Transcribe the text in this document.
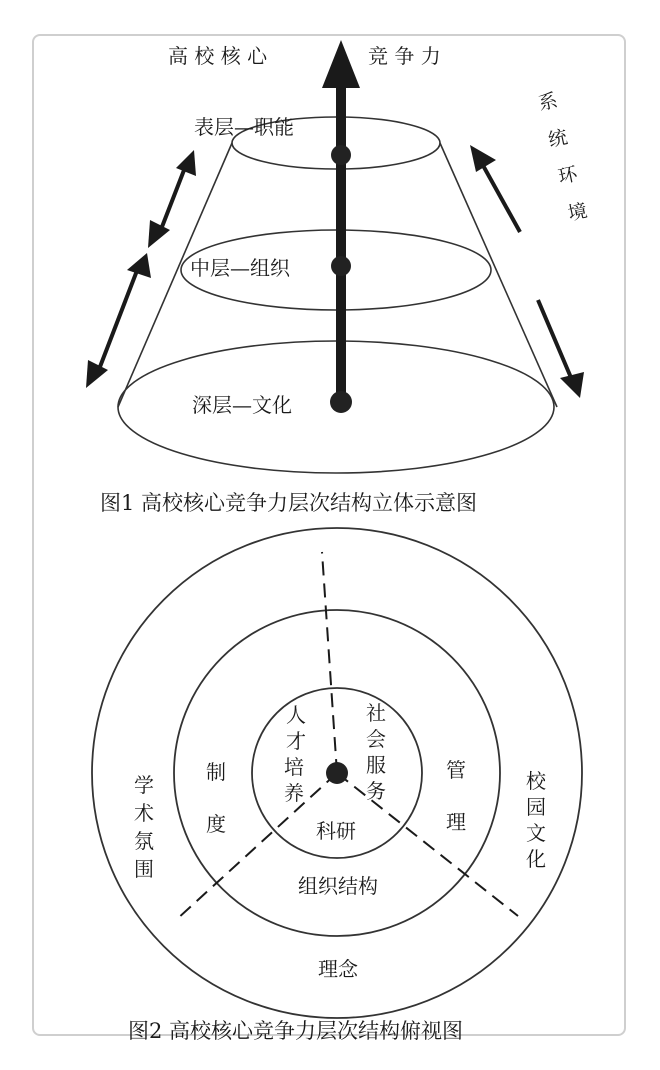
高 校 核 心	竞 争 力
表层—职能
中层—组织
深层—文化
系
统
环
境
图1 高校核心竞争力层次结构立体示意图
人
才
培
养
社
会
服
务
科研
制
度
管
理
组织结构
学
术
氛
围
校
园
文
化
理念
图2 高校核心竞争力层次结构俯视图
